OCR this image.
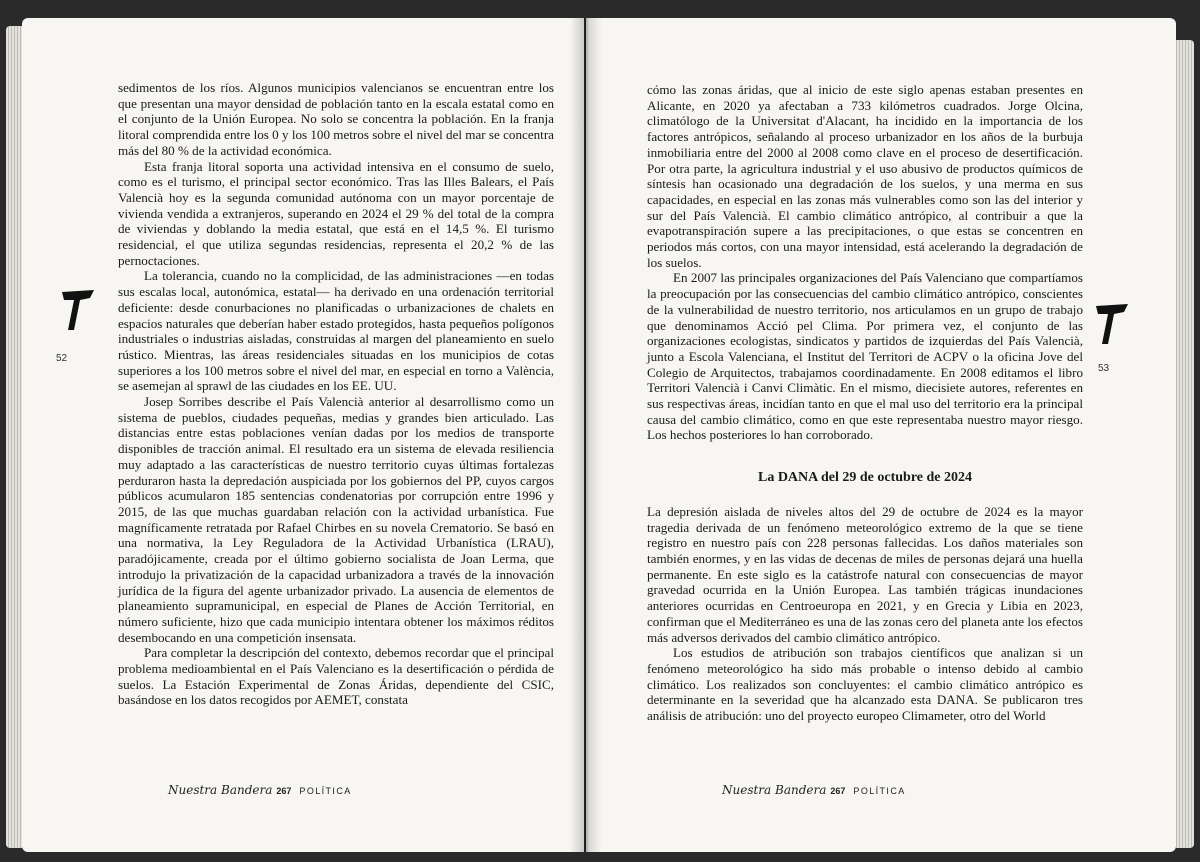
sedimentos de los ríos. Algunos municipios valencianos se encuentran entre los que presentan una mayor densidad de población tanto en la escala estatal como en el conjunto de la Unión Europea. No solo se concentra la población. En la franja litoral comprendida entre los 0 y los 100 metros sobre el nivel del mar se concentra más del 80 % de la actividad económica.

Esta franja litoral soporta una actividad intensiva en el consumo de suelo, como es el turismo, el principal sector económico. Tras las Illes Balears, el País Valencià hoy es la segunda comunidad autónoma con un mayor porcentaje de vivienda vendida a extranjeros, superando en 2024 el 29 % del total de la compra de viviendas y doblando la media estatal, que está en el 14,5 %. El turismo residencial, el que utiliza segundas residencias, representa el 20,2 % de las pernoctaciones.

La tolerancia, cuando no la complicidad, de las administraciones —en todas sus escalas local, autonómica, estatal— ha derivado en una ordenación territorial deficiente: desde conurbaciones no planificadas o urbanizaciones de chalets en espacios naturales que deberían haber estado protegidos, hasta pequeños polígonos industriales o industrias aisladas, construidas al margen del planeamiento en suelo rústico. Mientras, las áreas residenciales situadas en los municipios de cotas superiores a los 100 metros sobre el nivel del mar, en especial en torno a València, se asemejan al sprawl de las ciudades en los EE. UU.

Josep Sorribes describe el País Valencià anterior al desarrollismo como un sistema de pueblos, ciudades pequeñas, medias y grandes bien articulado. Las distancias entre estas poblaciones venían dadas por los medios de transporte disponibles de tracción animal. El resultado era un sistema de elevada resiliencia muy adaptado a las características de nuestro territorio cuyas últimas fortalezas perduraron hasta la depredación auspiciada por los gobiernos del PP, cuyos cargos públicos acumularon 185 sentencias condenatorias por corrupción entre 1996 y 2015, de las que muchas guardaban relación con la actividad urbanística. Fue magníficamente retratada por Rafael Chirbes en su novela Crematorio. Se basó en una normativa, la Ley Reguladora de la Actividad Urbanística (LRAU), paradójicamente, creada por el último gobierno socialista de Joan Lerma, que introdujo la privatización de la capacidad urbanizadora a través de la innovación jurídica de la figura del agente urbanizador privado. La ausencia de elementos de planeamiento supramunicipal, en especial de Planes de Acción Territorial, en número suficiente, hizo que cada municipio intentara obtener los máximos réditos desembocando en una competición insensata.

Para completar la descripción del contexto, debemos recordar que el principal problema medioambiental en el País Valenciano es la desertificación o pérdida de suelos. La Estación Experimental de Zonas Áridas, dependiente del CSIC, basándose en los datos recogidos por AEMET, constata

52
Nuestra Bandera 267 POLÍTICA

cómo las zonas áridas, que al inicio de este siglo apenas estaban presentes en Alicante, en 2020 ya afectaban a 733 kilómetros cuadrados. Jorge Olcina, climatólogo de la Universitat d'Alacant, ha incidido en la importancia de los factores antrópicos, señalando al proceso urbanizador en los años de la burbuja inmobiliaria entre del 2000 al 2008 como clave en el proceso de desertificación. Por otra parte, la agricultura industrial y el uso abusivo de productos químicos de síntesis han ocasionado una degradación de los suelos, y una merma en sus capacidades, en especial en las zonas más vulnerables como son las del interior y sur del País Valencià. El cambio climático antrópico, al contribuir a que la evapotranspiración supere a las precipitaciones, o que estas se concentren en periodos más cortos, con una mayor intensidad, está acelerando la degradación de los suelos.

En 2007 las principales organizaciones del País Valenciano que compartíamos la preocupación por las consecuencias del cambio climático antrópico, conscientes de la vulnerabilidad de nuestro territorio, nos articulamos en un grupo de trabajo que denominamos Acció pel Clima. Por primera vez, el conjunto de las organizaciones ecologistas, sindicatos y partidos de izquierdas del País Valencià, junto a Escola Valenciana, el Institut del Territori de ACPV o la oficina Jove del Colegio de Arquitectos, trabajamos coordinadamente. En 2008 editamos el libro Territori Valencià i Canvi Climàtic. En el mismo, diecisiete autores, referentes en sus respectivas áreas, incidían tanto en que el mal uso del territorio era la principal causa del cambio climático, como en que este representaba nuestro mayor riesgo. Los hechos posteriores lo han corroborado.

La DANA del 29 de octubre de 2024

La depresión aislada de niveles altos del 29 de octubre de 2024 es la mayor tragedia derivada de un fenómeno meteorológico extremo de la que se tiene registro en nuestro país con 228 personas fallecidas. Los daños materiales son también enormes, y en las vidas de decenas de miles de personas dejará una huella permanente. En este siglo es la catástrofe natural con consecuencias de mayor gravedad ocurrida en la Unión Europea. Las también trágicas inundaciones anteriores ocurridas en Centroeuropa en 2021, y en Grecia y Libia en 2023, confirman que el Mediterráneo es una de las zonas cero del planeta ante los efectos más adversos derivados del cambio climático antrópico.

Los estudios de atribución son trabajos científicos que analizan si un fenómeno meteorológico ha sido más probable o intenso debido al cambio climático. Los realizados son concluyentes: el cambio climático antrópico es determinante en la severidad que ha alcanzado esta DANA. Se publicaron tres análisis de atribución: uno del proyecto europeo Climameter, otro del World

53
Nuestra Bandera 267 POLÍTICA
